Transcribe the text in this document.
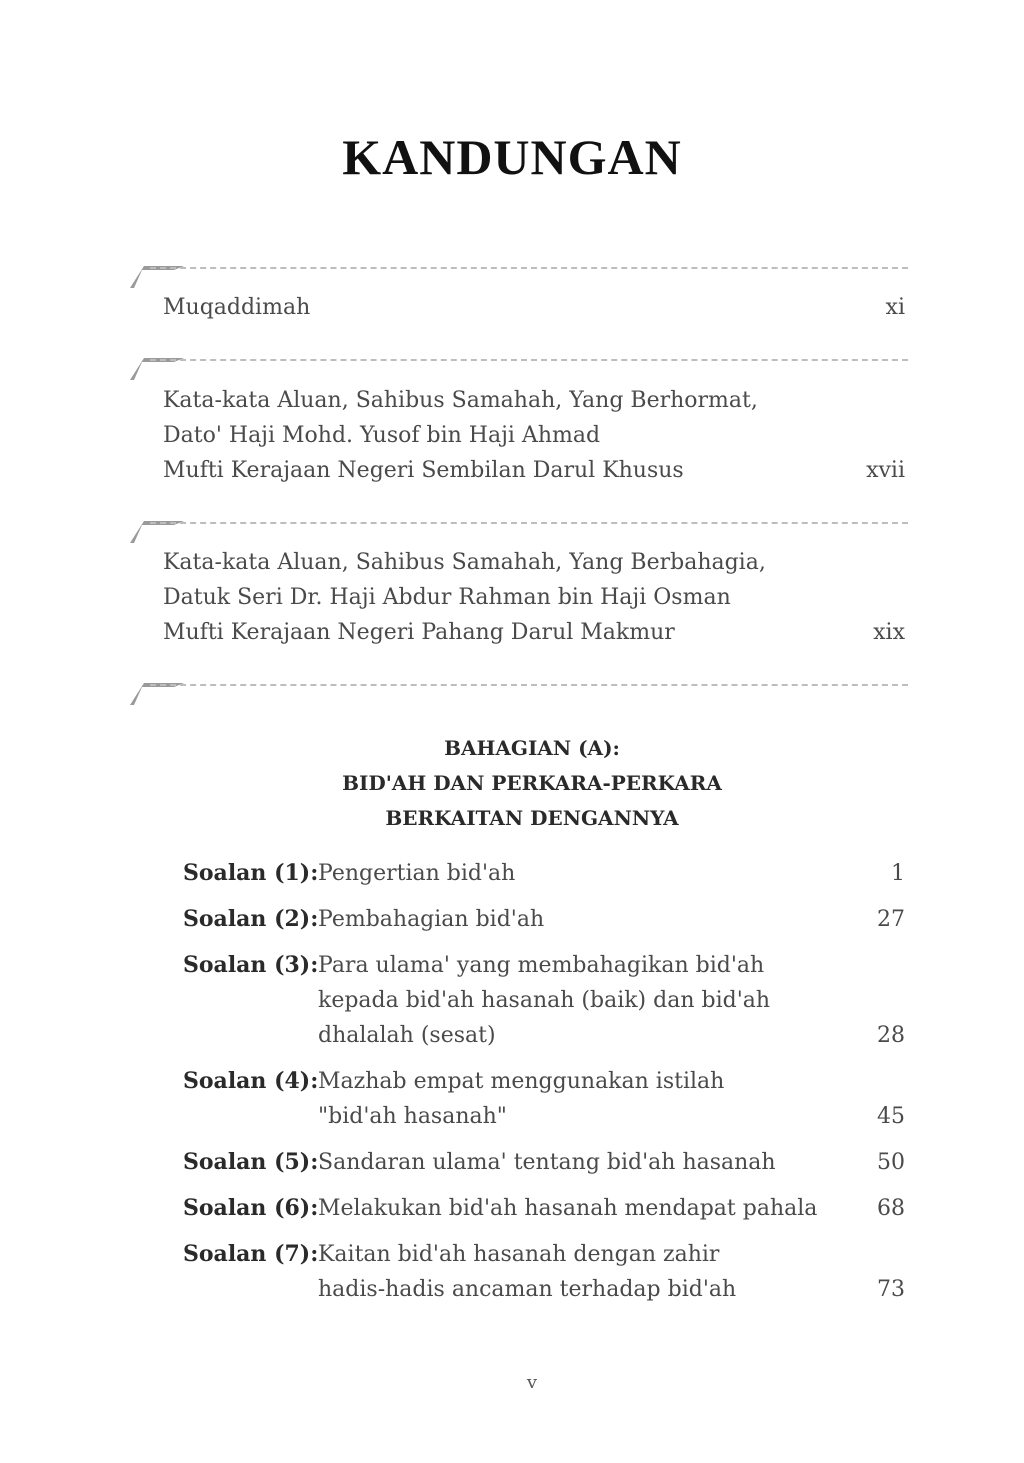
KANDUNGAN
Muqaddimah	xi
Kata-kata Aluan, Sahibus Samahah, Yang Berhormat,
Dato' Haji Mohd. Yusof bin Haji Ahmad
Mufti Kerajaan Negeri Sembilan Darul Khusus	xvii
Kata-kata Aluan, Sahibus Samahah, Yang Berbahagia,
Datuk Seri Dr. Haji Abdur Rahman bin Haji Osman
Mufti Kerajaan Negeri Pahang Darul Makmur	xix
BAHAGIAN (A):
BID'AH DAN PERKARA-PERKARA
BERKAITAN DENGANNYA
Soalan (1): Pengertian bid'ah	1
Soalan (2): Pembahagian bid'ah	27
Soalan (3): Para ulama' yang membahagikan bid'ah
kepada bid'ah hasanah (baik) dan bid'ah
dhalalah (sesat)	28
Soalan (4): Mazhab empat menggunakan istilah
"bid'ah hasanah"	45
Soalan (5): Sandaran ulama' tentang bid'ah hasanah	50
Soalan (6): Melakukan bid'ah hasanah mendapat pahala	68
Soalan (7): Kaitan bid'ah hasanah dengan zahir
hadis-hadis ancaman terhadap bid'ah	73
v
